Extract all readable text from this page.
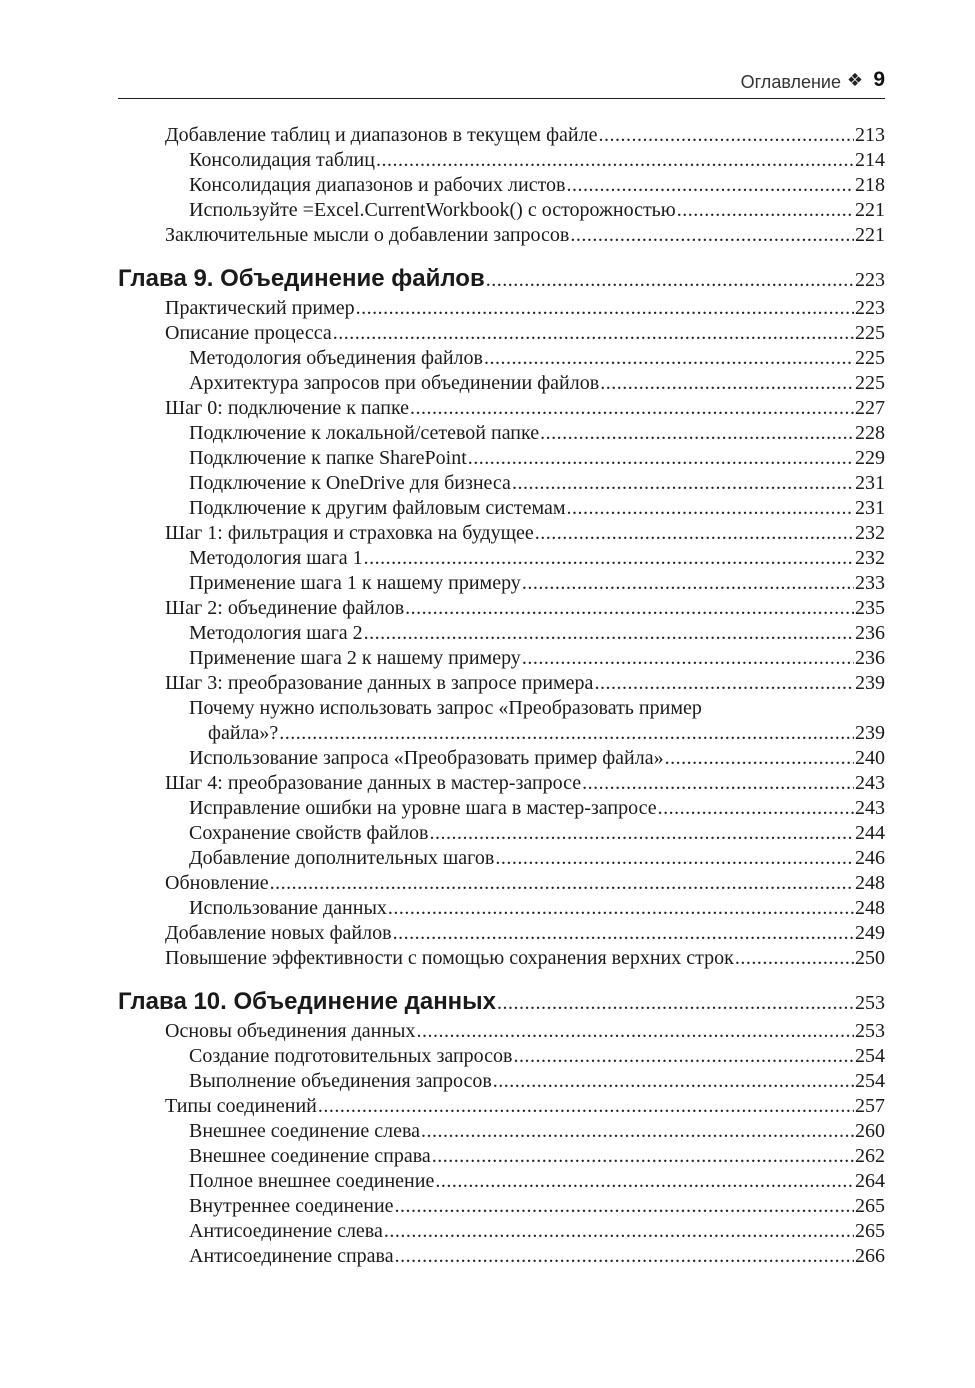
Оглавление ❖ 9
Добавление таблиц и диапазонов в текущем файле .....	213
Консолидация таблиц .....	214
Консолидация диапазонов и рабочих листов .....	218
Используйте =Excel.CurrentWorkbook() с осторожностью .....	221
Заключительные мысли о добавлении запросов .....	221
Глава 9. Объединение файлов .....	223
Практический пример .....	223
Описание процесса .....	225
Методология объединения файлов .....	225
Архитектура запросов при объединении файлов .....	225
Шаг 0: подключение к папке .....	227
Подключение к локальной/сетевой папке .....	228
Подключение к папке SharePoint .....	229
Подключение к OneDrive для бизнеса .....	231
Подключение к другим файловым системам .....	231
Шаг 1: фильтрация и страховка на будущее .....	232
Методология шага 1 .....	232
Применение шага 1 к нашему примеру .....	233
Шаг 2: объединение файлов .....	235
Методология шага 2 .....	236
Применение шага 2 к нашему примеру .....	236
Шаг 3: преобразование данных в запросе примера .....	239
Почему нужно использовать запрос «Преобразовать пример
файла»? .....	239
Использование запроса «Преобразовать пример файла» .....	240
Шаг 4: преобразование данных в мастер-запросе .....	243
Исправление ошибки на уровне шага в мастер-запросе .....	243
Сохранение свойств файлов .....	244
Добавление дополнительных шагов .....	246
Обновление .....	248
Использование данных .....	248
Добавление новых файлов .....	249
Повышение эффективности с помощью сохранения верхних строк .....	250
Глава 10. Объединение данных .....	253
Основы объединения данных .....	253
Создание подготовительных запросов .....	254
Выполнение объединения запросов .....	254
Типы соединений .....	257
Внешнее соединение слева .....	260
Внешнее соединение справа .....	262
Полное внешнее соединение .....	264
Внутреннее соединение .....	265
Антисоединение слева .....	265
Антисоединение справа .....	266
